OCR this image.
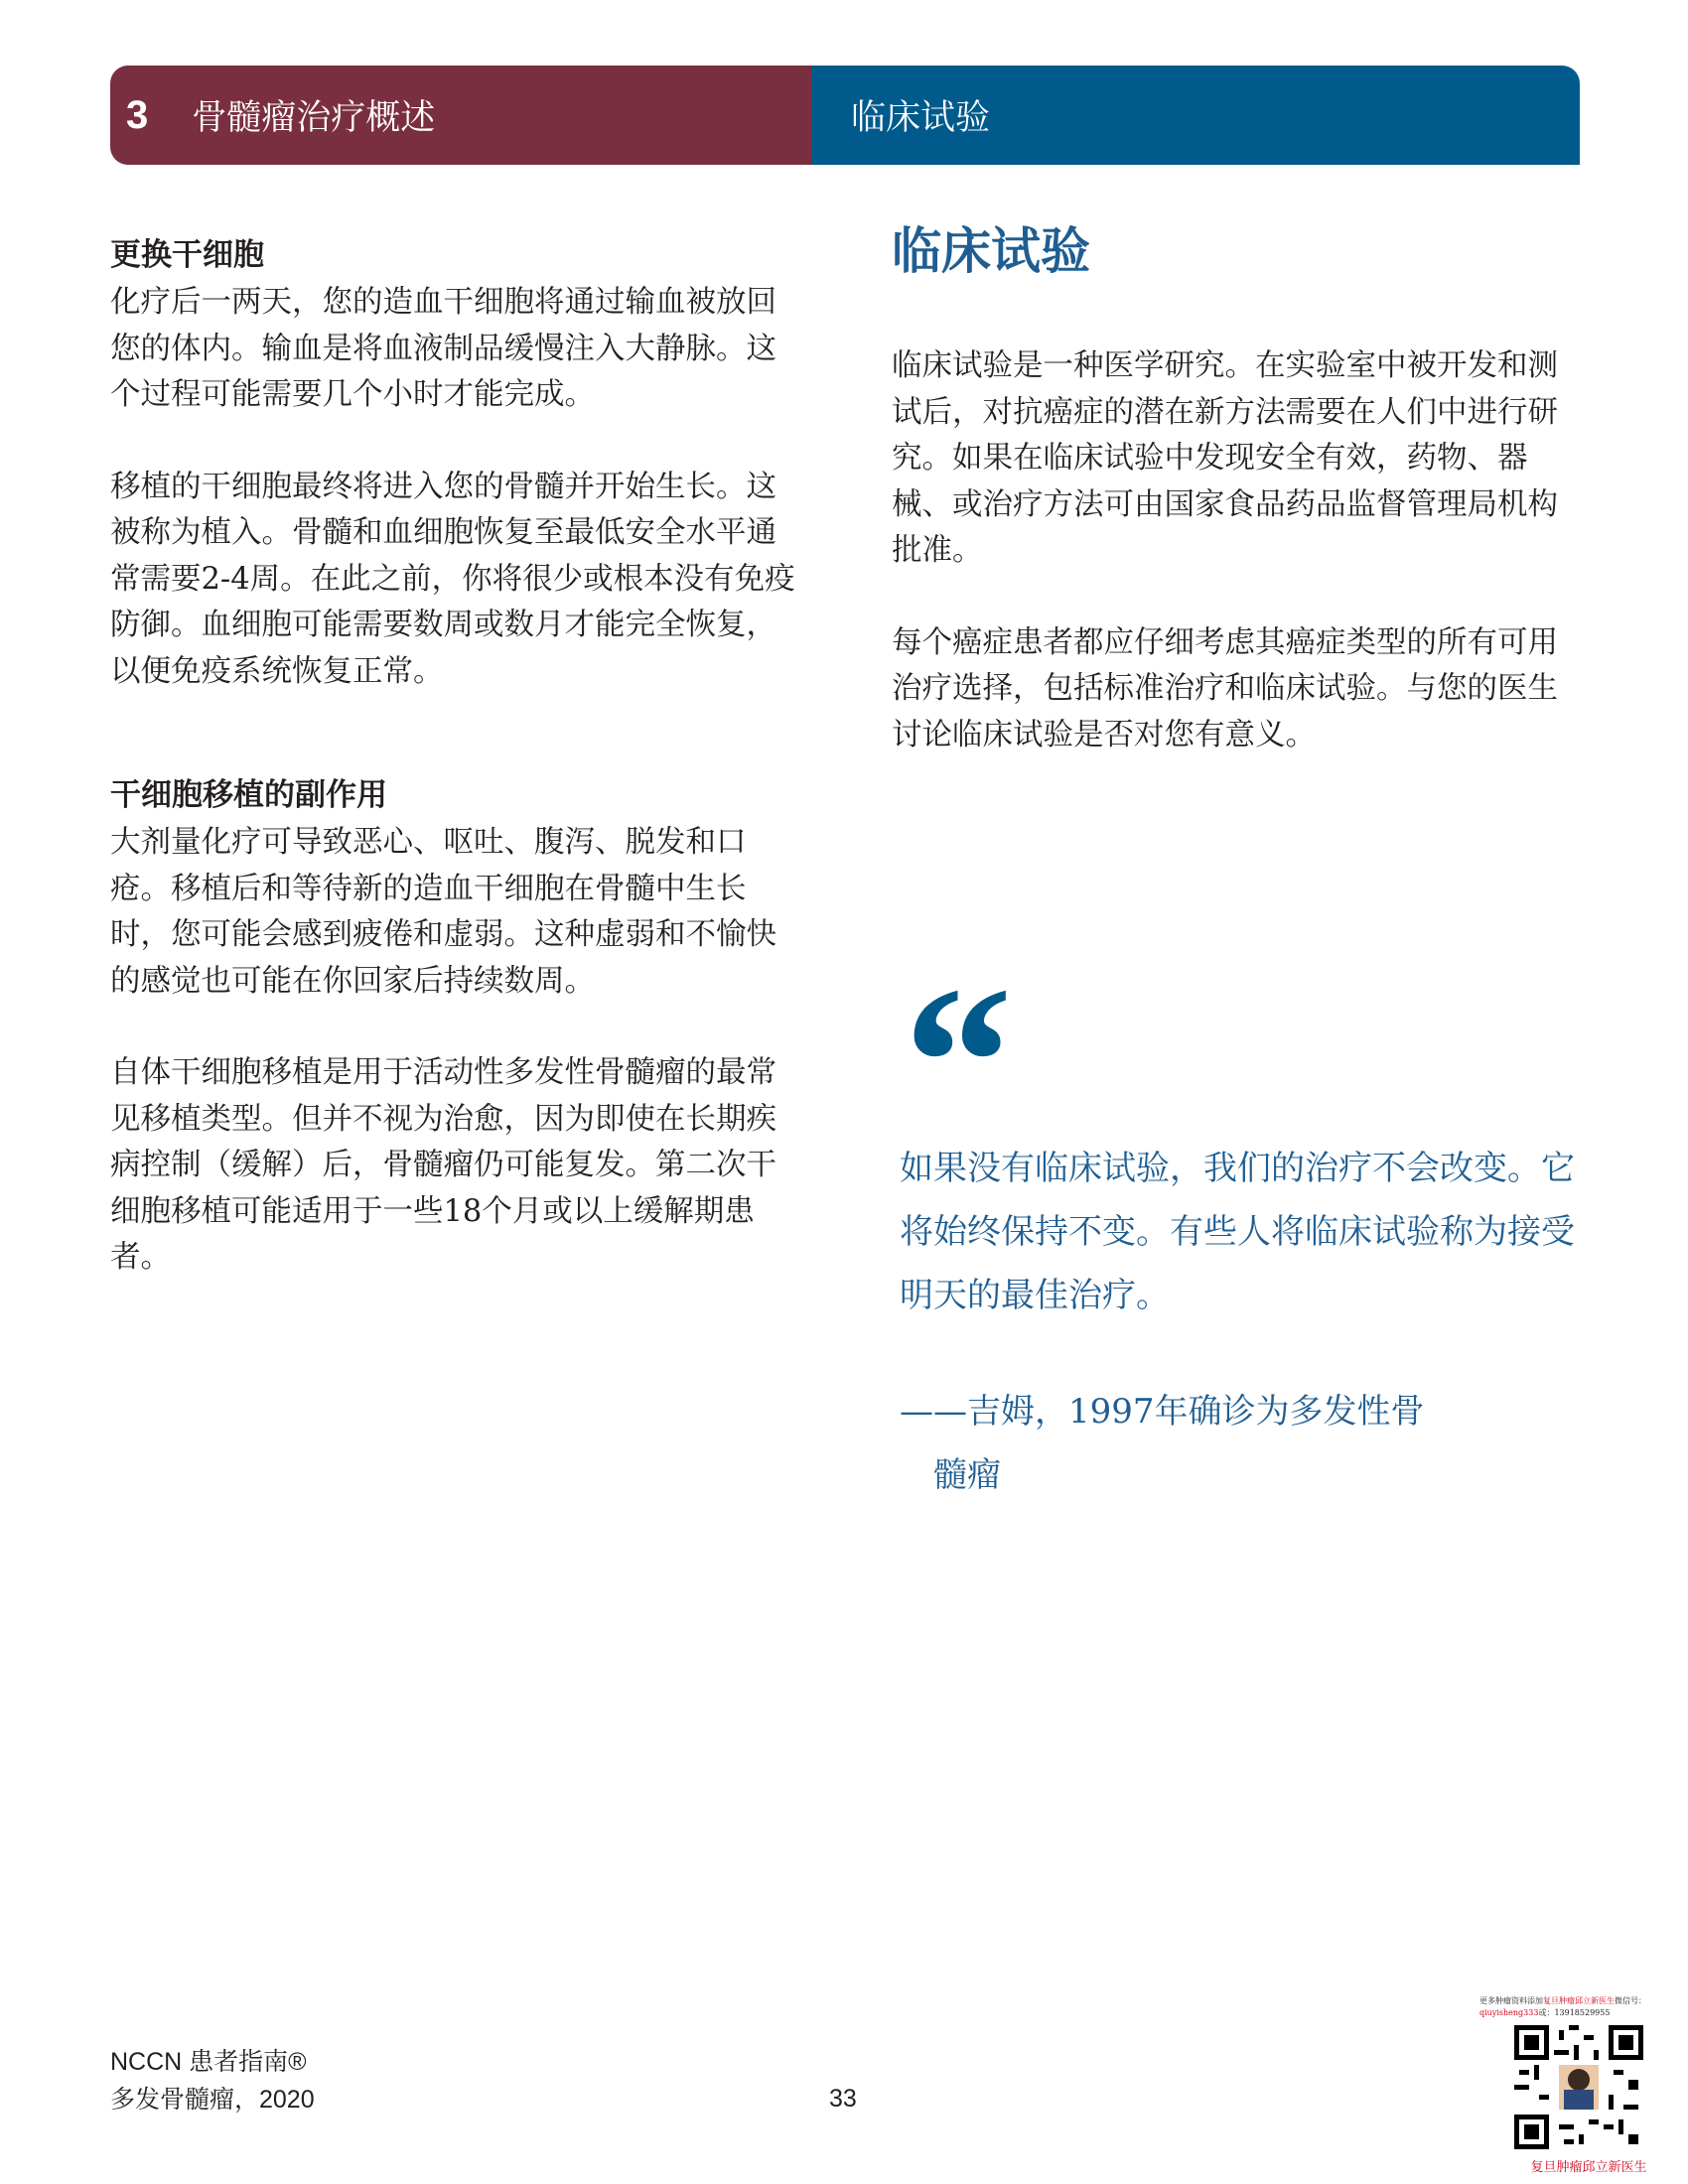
3 骨髓瘤治疗概述	临床试验
更换干细胞

化疗后一两天，您的造血干细胞将通过输血被放回您的体内。输血是将血液制品缓慢注入大静脉。这个过程可能需要几个小时才能完成。

移植的干细胞最终将进入您的骨髓并开始生长。这被称为植入。骨髓和血细胞恢复至最低安全水平通常需要2-4周。在此之前，你将很少或根本没有免疫防御。血细胞可能需要数周或数月才能完全恢复，以便免疫系统恢复正常。

干细胞移植的副作用

大剂量化疗可导致恶心、呕吐、腹泻、脱发和口疮。移植后和等待新的造血干细胞在骨髓中生长时，您可能会感到疲倦和虚弱。这种虚弱和不愉快的感觉也可能在你回家后持续数周。

自体干细胞移植是用于活动性多发性骨髓瘤的最常见移植类型。但并不视为治愈，因为即使在长期疾病控制（缓解）后，骨髓瘤仍可能复发。第二次干细胞移植可能适用于一些18个月或以上缓解期患者。

临床试验

临床试验是一种医学研究。在实验室中被开发和测试后，对抗癌症的潜在新方法需要在人们中进行研究。如果在临床试验中发现安全有效，药物、器械、或治疗方法可由国家食品药品监督管理局机构批准。

每个癌症患者都应仔细考虑其癌症类型的所有可用治疗选择，包括标准治疗和临床试验。与您的医生讨论临床试验是否对您有意义。

“
如果没有临床试验，我们的治疗不会改变。它将始终保持不变。有些人将临床试验称为接受明天的最佳治疗。
——吉姆，1997年确诊为多发性骨
髓瘤
NCCN 患者指南®
多发骨髓瘤，2020	33
更多肿瘤资料添加复旦肿瘤邱立新医生微信号：
qiuyisheng333或：13918529955
复旦肿瘤邱立新医生
